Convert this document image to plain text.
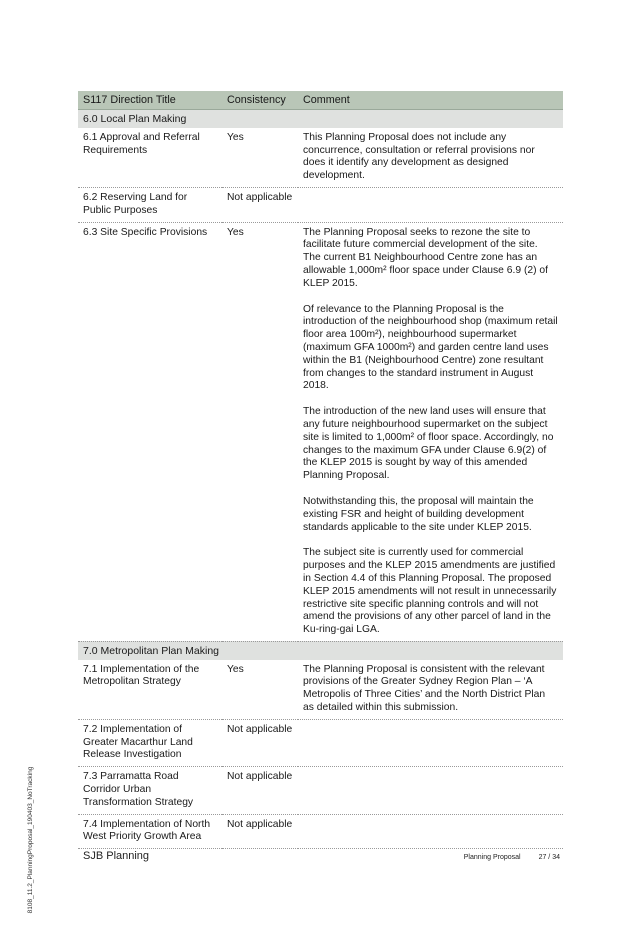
8108_11.2_PlanningProposal_190403_NoTracking
S117 Direction Title	Consistency	Comment
6.0 Local Plan Making		
6.1 Approval and Referral Requirements	Yes	This Planning Proposal does not include any concurrence, consultation or referral provisions nor does it identify any development as designed development.
6.2 Reserving Land for Public Purposes	Not applicable	
6.3 Site Specific Provisions	Yes	The Planning Proposal seeks to rezone the site to facilitate future commercial development of the site. The current B1 Neighbourhood Centre zone has an allowable 1,000m² floor space under Clause 6.9 (2) of KLEP 2015.

Of relevance to the Planning Proposal is the introduction of the neighbourhood shop (maximum retail floor area 100m²), neighbourhood supermarket (maximum GFA 1000m²) and garden centre land uses within the B1 (Neighbourhood Centre) zone resultant from changes to the standard instrument in August 2018.

The introduction of the new land uses will ensure that any future neighbourhood supermarket on the subject site is limited to 1,000m² of floor space. Accordingly, no changes to the maximum GFA under Clause 6.9(2) of the KLEP 2015 is sought by way of this amended Planning Proposal.

Notwithstanding this, the proposal will maintain the existing FSR and height of building development standards applicable to the site under KLEP 2015.

The subject site is currently used for commercial purposes and the KLEP 2015 amendments are justified in Section 4.4 of this Planning Proposal. The proposed KLEP 2015 amendments will not result in unnecessarily restrictive site specific planning controls and will not amend the provisions of any other parcel of land in the Ku-ring-gai LGA.

7.0 Metropolitan Plan Making		
7.1 Implementation of the Metropolitan Strategy	Yes	The Planning Proposal is consistent with the relevant provisions of the Greater Sydney Region Plan – ‘A Metropolis of Three Cities’ and the North District Plan as detailed within this submission.
7.2 Implementation of Greater Macarthur Land Release Investigation	Not applicable	
7.3 Parramatta Road Corridor Urban Transformation Strategy	Not applicable	
7.4 Implementation of North West Priority Growth Area	Not applicable	
SJB Planning	Planning Proposal	27 / 34
